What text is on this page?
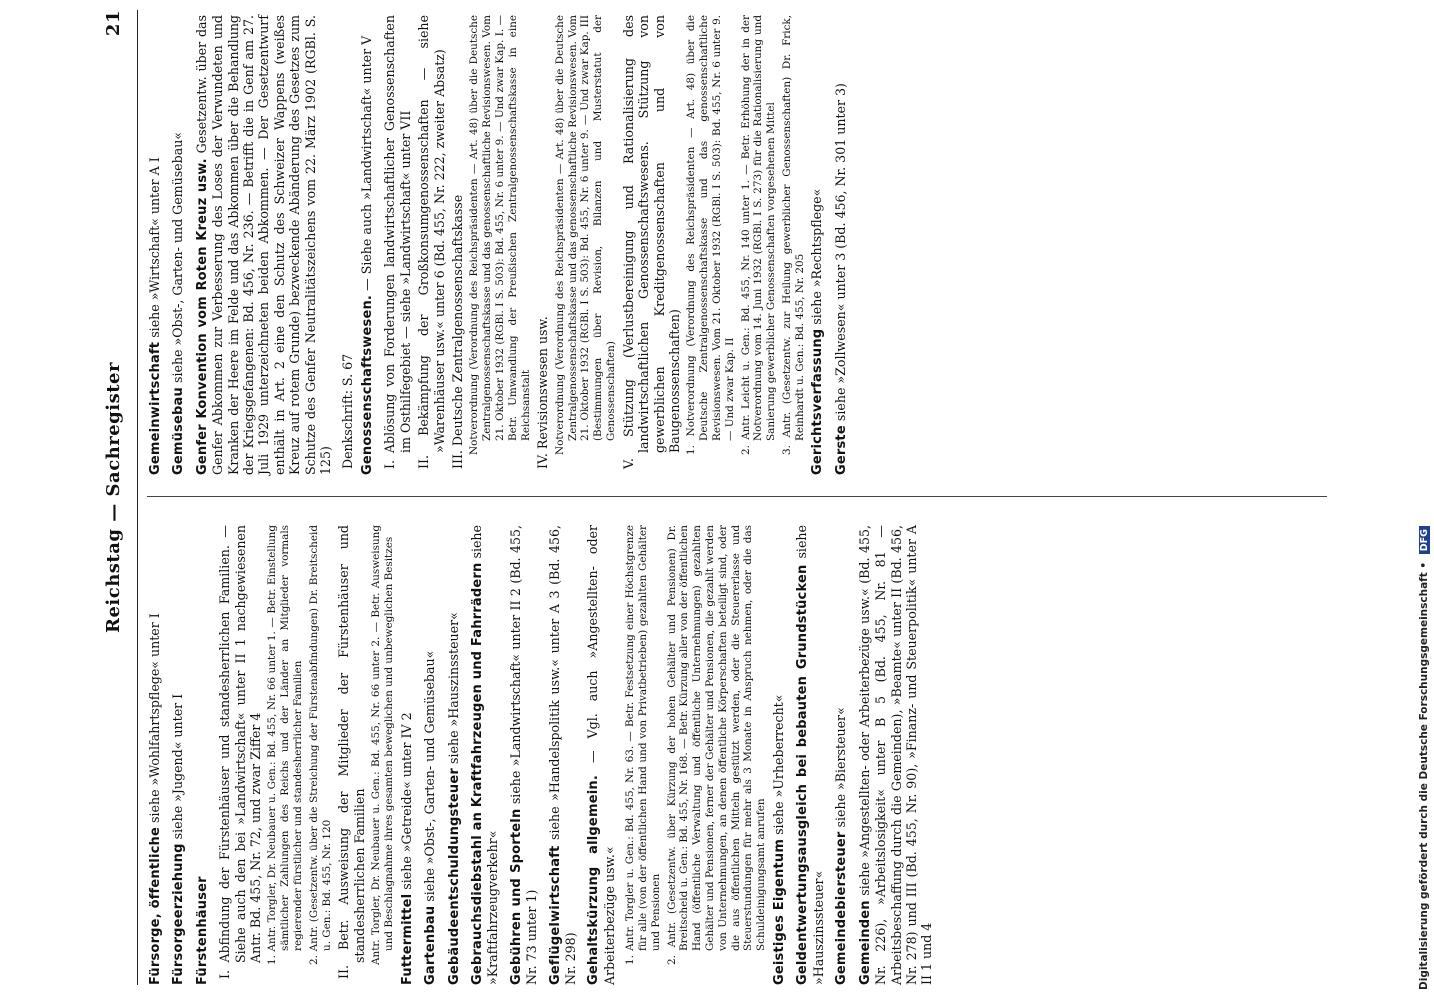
Reichstag — Sachregister
21
Fürsorge, öffentliche siehe »Wohlfahrtspflege« unter I
Fürsorgeerziehung siehe »Jugend« unter I
Fürstenhäuser I. Abfindung der Fürstenhäuser und standesherrlichen Familien. — Siehe auch den bei »Landwirtschaft« unter II 1 nachgewiesenen Antr. Bd. 455, Nr. 72, und zwar Ziffer 4 1. Antr. Torgler, Dr. Neubauer u. Gen.: Bd. 455, Nr. 66 unter 1. — Betr. Einstellung sämtlicher Zahlungen des Reichs und der Länder an Mitglieder vormals regierender fürstlicher und standesherrlicher Familien 2. Antr. (Gesetzentw. über die Streichung der Fürstenabfindungen) Dr. Breitscheid u. Gen.: Bd. 455, Nr. 120 II. Betr. Ausweisung der Mitglieder der Fürstenhäuser und standesherrlichen Familien Antr. Torgler, Dr. Neubauer u. Gen.: Bd. 455, Nr. 66 unter 2. — Betr. Ausweisung und Beschlagnahme ihres gesamten beweglichen und unbeweglichen Besitzes Futtermittel siehe »Getreide« unter IV 2
Gartenbau siehe »Obst-, Garten- und Gemüsebau« Gebäudeentschuldungsteuer siehe »Hauszinssteuer« Gebrauchsdiebstahl an Kraftfahrzeugen und Fahrrädern siehe »Kraftfahrzeugverkehr« Gebühren und Sporteln siehe »Landwirtschaft« unter II 2 (Bd. 455, Nr. 73 unter 1) Geflügelwirtschaft siehe »Handelspolitik usw.« unter A 3 (Bd. 456, Nr. 298) Gehaltskürzung allgemein. — Vgl. auch »Angestellten- oder Arbeiterbezüge usw.« 1. Antr. Torgler u. Gen.: Bd. 455, Nr. 63. — Betr. Festsetzung einer Höchstgrenze für alle (von der öffentlichen Hand und von Privatbetrieben) gezahlten Gehälter und Pensionen 2. Antr. (Gesetzentw. über Kürzung der hohen Gehälter und Pensionen) Dr. Breitscheid u. Gen.: Bd. 455, Nr. 168. — Betr. Kürzung aller von der öffentlichen Hand (öffentliche Verwaltung und öffentliche Unternehmungen) gezahlten Gehälter und Pensionen, ferner der Gehälter und Pensionen, die gezahlt werden von Unternehmungen, an denen öffentliche Körperschaften beteiligt sind, oder die aus öffentlichen Mitteln gestützt werden, oder die Steuererlasse und Steuerstundungen für mehr als 3 Monate in Anspruch nehmen, oder die das Schuldeinigungsamt anrufen Geistiges Eigentum siehe »Urheberrecht« Geldentwertungsausgleich bei bebauten Grundstücken siehe »Hauszinssteuer« Gemeindebiersteuer siehe »Biersteuer«
Gemeinden siehe »Angestellten- oder Arbeiterbezüge usw.« (Bd. 455, Nr. 226), »Arbeitslosigkeit« unter B 5 (Bd. 455, Nr. 81 — Arbeitsbeschaffung durch die Gemeinden), »Beamte« unter II (Bd. 456, Nr. 278) und III (Bd. 455, Nr. 90), »Finanz- und Steuerpolitik« unter A II 1 und 4
Gemeinwirtschaft siehe »Wirtschaft« unter A I
Gemüsebau siehe »Obst-, Garten- und Gemüsebau« Genfer Konvention vom Roten Kreuz usw. Gesetzentw. über das Genfer Abkommen zur Verbesserung des Loses der Verwundeten und Kranken der Heere im Felde und das Abkommen über die Behandlung der Kriegsgefangenen: Bd. 456, Nr. 236. — Betrifft die in Genf am 27. Juli 1929 unterzeichneten beiden Abkommen. — Der Gesetzentwurf enthält in Art. 2 eine den Schutz des Schweizer Wappens (weißes Kreuz auf rotem Grunde) bezweckende Abänderung des Gesetzes zum Schutze des Genfer Neutralitätszeichens vom 22. März 1902 (RGBl. S. 125) Denkschrift: S. 67 Genossenschaftswesen. — Siehe auch »Landwirtschaft« unter V I. Ablösung von Forderungen landwirtschaftlicher Genossenschaften im Osthilfegebiet — siehe »Landwirtschaft« unter VII II. Bekämpfung der Großkonsumgenossenschaften — siehe »Warenhäuser usw.« unter 6 (Bd. 455, Nr. 222, zweiter Absatz) III. Deutsche Zentralgenossenschaftskasse Notverordnung (Verordnung des Reichspräsidenten — Art. 48) über die Deutsche Zentralgenossenschaftskasse und das genossenschaftliche Revisionswesen. Vom 21. Oktober 1932 (RGBl. I S. 503): Bd. 455, Nr. 6 unter 9. — Und zwar Kap. I. — Betr. Umwandlung der Preußischen Zentralgenossenschaftskasse in eine Reichsanstalt IV. Revisionswesen usw. Notverordnung (Verordnung des Reichspräsidenten — Art. 48) über die Deutsche Zentralgenossenschaftskasse und das genossenschaftliche Revisionswesen. Vom 21. Oktober 1932 (RGBl. I S. 503): Bd. 455, Nr. 6 unter 9. — Und zwar Kap. III (Bestimmungen über Revision, Bilanzen und Musterstatut der Genossenschaften) V. Stützung (Verlustbereinigung und Rationalisierung des landwirtschaftlichen Genossenschaftswesens. Stützung von gewerblichen Kreditgenossenschaften und von Baugenossenschaften) 1. Notverordnung (Verordnung des Reichspräsidenten — Art. 48) über die Deutsche Zentralgenossenschaftskasse und das genossenschaftliche Revisionswesen. Vom 21. Oktober 1932 (RGBl. I S. 503): Bd. 455, Nr. 6 unter 9. — Und zwar Kap. II 2. Antr. Leicht u. Gen.: Bd. 455, Nr. 140 unter 1. — Betr. Erhöhung der in der Notverordnung vom 14. Juni 1932 (RGBl. I S. 273) für die Rationalisierung und Sanierung gewerblicher Genossenschaften vorgesehenen Mittel 3. Antr. (Gesetzentw. zur Heilung gewerblicher Genossenschaften) Dr. Frick, Reinhardt u. Gen.: Bd. 455, Nr. 205 Gerichtsverfassung siehe »Rechtspflege«
Gerste siehe »Zollwesen« unter 3 (Bd. 456, Nr. 301 unter 3)
Digitalisierung gefördert durch die Deutsche Forschungsgemeinschaft • DFG
